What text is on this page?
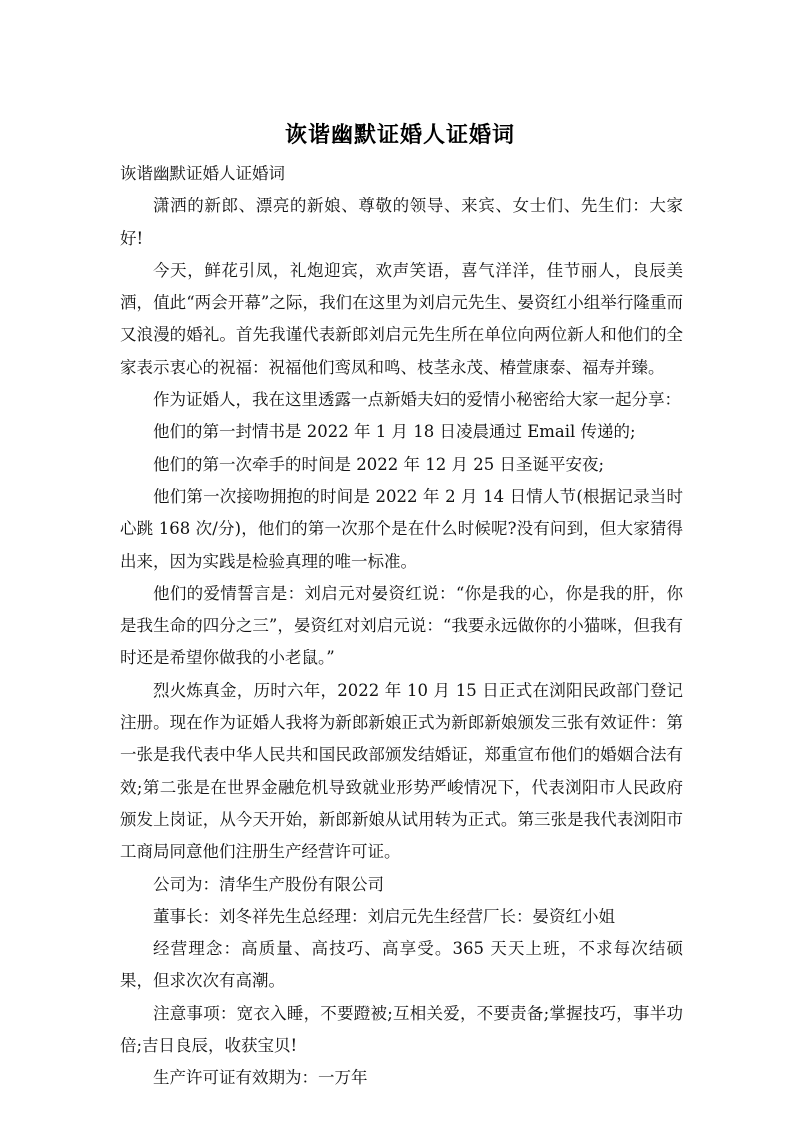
诙谐幽默证婚人证婚词

诙谐幽默证婚人证婚词

潇洒的新郎、漂亮的新娘、尊敬的领导、来宾、女士们、先生们：大家好!

今天，鲜花引凤，礼炮迎宾，欢声笑语，喜气洋洋，佳节丽人，良辰美酒，值此“两会开幕”之际，我们在这里为刘启元先生、晏资红小组举行隆重而又浪漫的婚礼。首先我谨代表新郎刘启元先生所在单位向两位新人和他们的全家表示衷心的祝福：祝福他们鸾凤和鸣、枝茎永茂、椿萱康泰、福寿并臻。

作为证婚人，我在这里透露一点新婚夫妇的爱情小秘密给大家一起分享：

他们的第一封情书是 2022 年 1 月 18 日凌晨通过 Email 传递的;

他们的第一次牵手的时间是 2022 年 12 月 25 日圣诞平安夜;

他们第一次接吻拥抱的时间是 2022 年 2 月 14 日情人节(根据记录当时心跳 168 次/分)，他们的第一次那个是在什么时候呢?没有问到，但大家猜得出来，因为实践是检验真理的唯一标准。

他们的爱情誓言是：刘启元对晏资红说：“你是我的心，你是我的肝，你是我生命的四分之三”，晏资红对刘启元说：“我要永远做你的小猫咪，但我有时还是希望你做我的小老鼠。”

烈火炼真金，历时六年，2022 年 10 月 15 日正式在浏阳民政部门登记注册。现在作为证婚人我将为新郎新娘正式为新郎新娘颁发三张有效证件：第一张是我代表中华人民共和国民政部颁发结婚证，郑重宣布他们的婚姻合法有效;第二张是在世界金融危机导致就业形势严峻情况下，代表浏阳市人民政府颁发上岗证，从今天开始，新郎新娘从试用转为正式。第三张是我代表浏阳市工商局同意他们注册生产经营许可证。

公司为：清华生产股份有限公司

董事长：刘冬祥先生总经理：刘启元先生经营厂长：晏资红小姐

经营理念：高质量、高技巧、高享受。365 天天上班，不求每次结硕果，但求次次有高潮。

注意事项：宽衣入睡，不要蹬被;互相关爱，不要责备;掌握技巧，事半功倍;吉日良辰，收获宝贝!

生产许可证有效期为：一万年
